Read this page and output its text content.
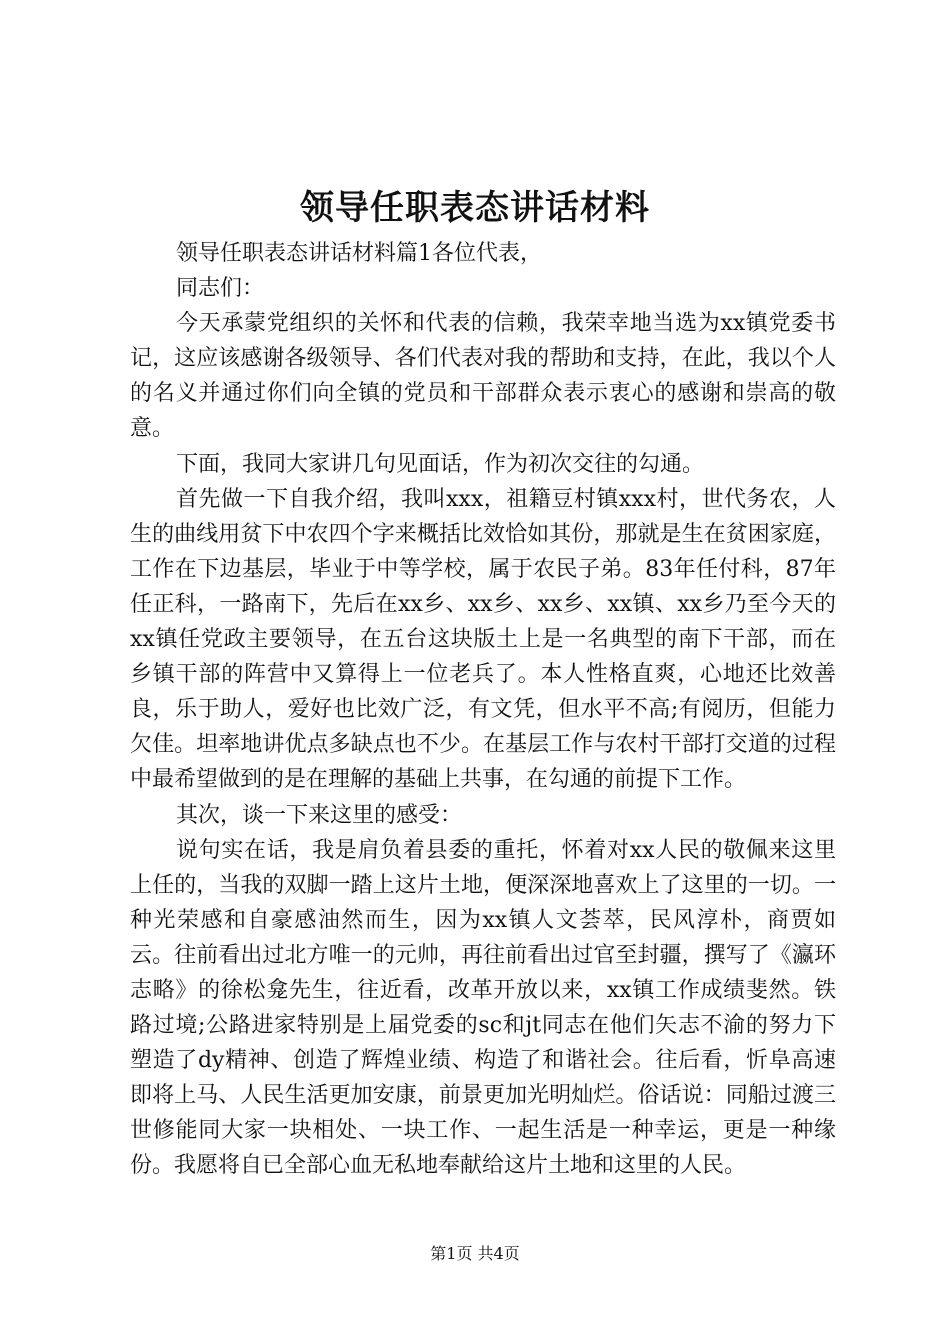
领导任职表态讲话材料

领导任职表态讲话材料篇1各位代表，

同志们：

今天承蒙党组织的关怀和代表的信赖，我荣幸地当选为xx镇党委书记，这应该感谢各级领导、各们代表对我的帮助和支持，在此，我以个人的名义并通过你们向全镇的党员和干部群众表示衷心的感谢和崇高的敬意。

下面，我同大家讲几句见面话，作为初次交往的勾通。

首先做一下自我介绍，我叫xxx，祖籍豆村镇xxx村，世代务农，人生的曲线用贫下中农四个字来概括比效恰如其份，那就是生在贫困家庭，工作在下边基层，毕业于中等学校，属于农民子弟。83年任付科，87年任正科，一路南下，先后在xx乡、xx乡、xx乡、xx镇、xx乡乃至今天的xx镇任党政主要领导，在五台这块版土上是一名典型的南下干部，而在乡镇干部的阵营中又算得上一位老兵了。本人性格直爽，心地还比效善良，乐于助人，爱好也比效广泛，有文凭，但水平不高;有阅历，但能力欠佳。坦率地讲优点多缺点也不少。在基层工作与农村干部打交道的过程中最希望做到的是在理解的基础上共事，在勾通的前提下工作。

其次，谈一下来这里的感受：

说句实在话，我是肩负着县委的重托，怀着对xx人民的敬佩来这里上任的，当我的双脚一踏上这片土地，便深深地喜欢上了这里的一切。一种光荣感和自豪感油然而生，因为xx镇人文荟萃，民风淳朴，商贾如云。往前看出过北方唯一的元帅，再往前看出过官至封疆，撰写了《瀛环志略》的徐松龛先生，往近看，改革开放以来，xx镇工作成绩斐然。铁路过境;公路进家特别是上届党委的sc和jt同志在他们矢志不渝的努力下塑造了dy精神、创造了辉煌业绩、构造了和谐社会。往后看，忻阜高速即将上马、人民生活更加安康，前景更加光明灿烂。俗话说：同船过渡三世修能同大家一块相处、一块工作、一起生活是一种幸运，更是一种缘份。我愿将自已全部心血无私地奉献给这片土地和这里的人民。

第1页 共4页
